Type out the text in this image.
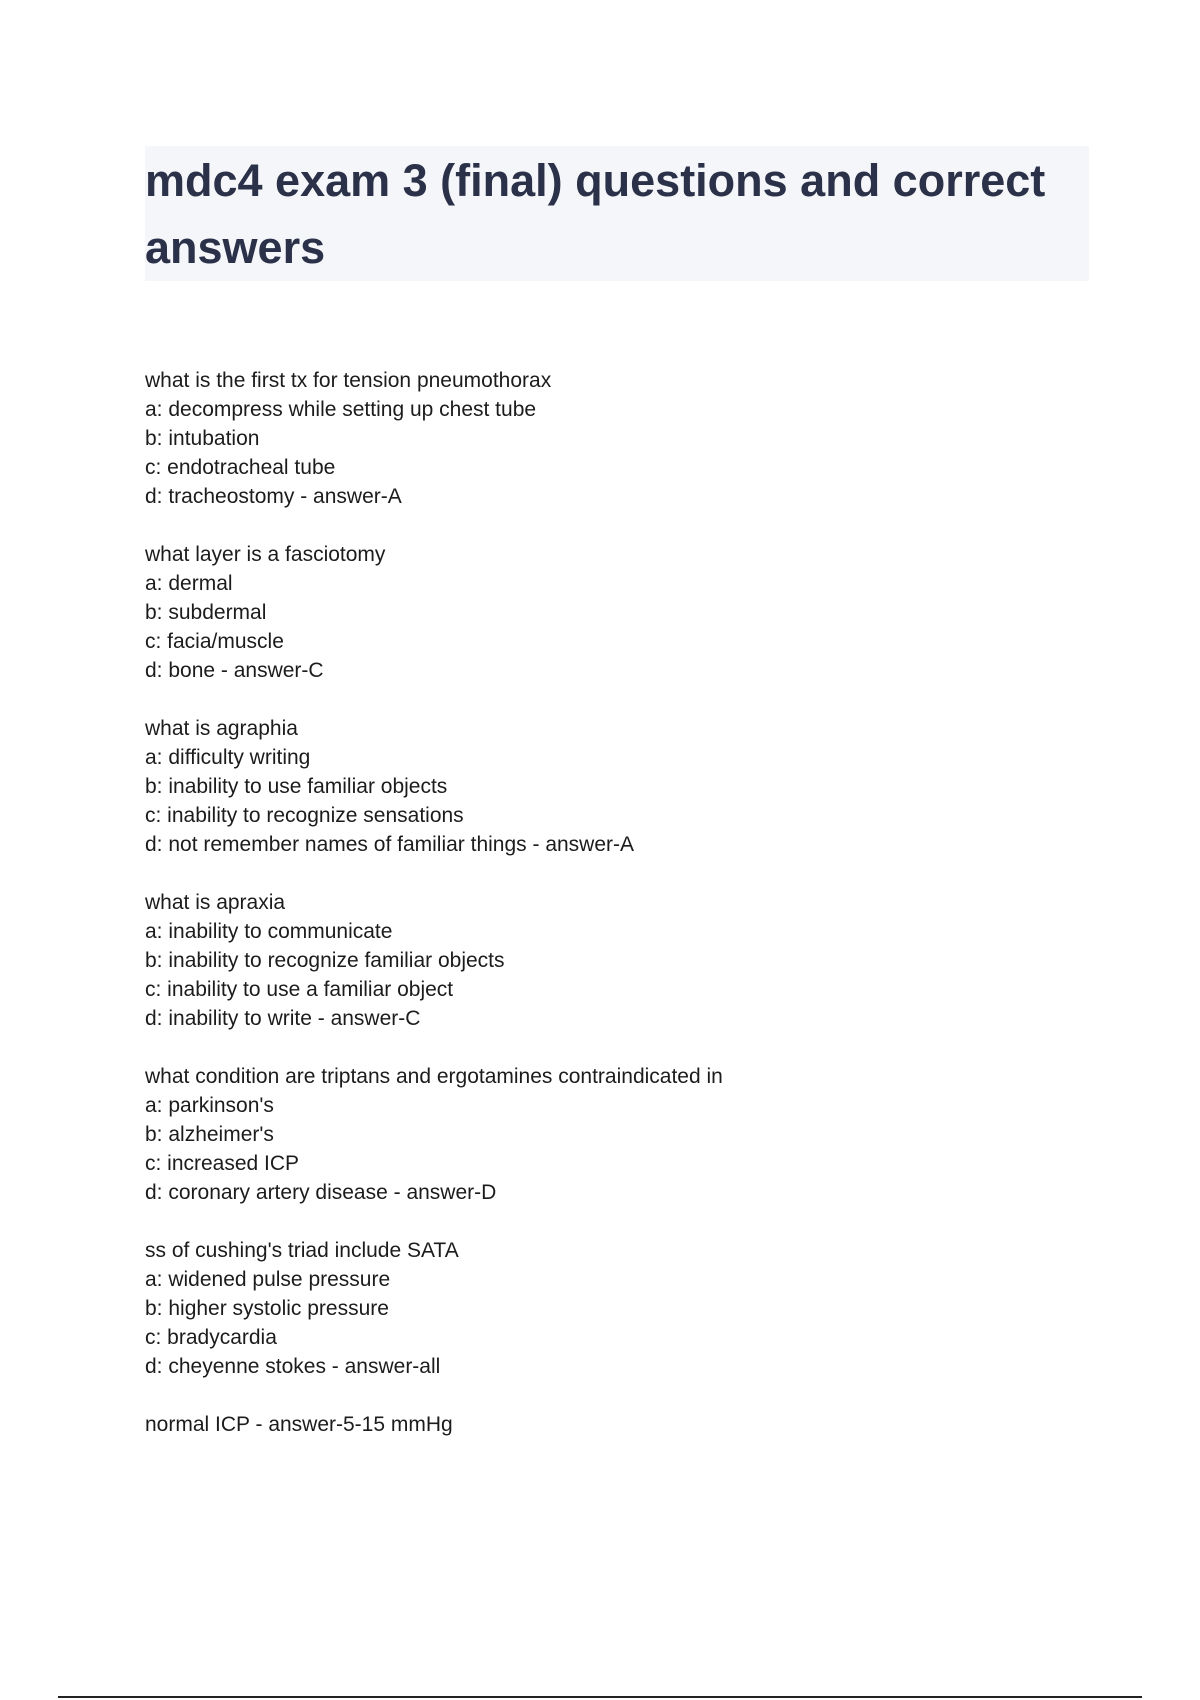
mdc4 exam 3 (final) questions and correct answers
what is the first tx for tension pneumothorax
a: decompress while setting up chest tube
b: intubation
c: endotracheal tube
d: tracheostomy - answer-A
what layer is a fasciotomy
a: dermal
b: subdermal
c: facia/muscle
d: bone - answer-C
what is agraphia
a: difficulty writing
b: inability to use familiar objects
c: inability to recognize sensations
d: not remember names of familiar things - answer-A
what is apraxia
a: inability to communicate
b: inability to recognize familiar objects
c: inability to use a familiar object
d: inability to write - answer-C
what condition are triptans and ergotamines contraindicated in
a: parkinson's
b: alzheimer's
c: increased ICP
d: coronary artery disease - answer-D
ss of cushing's triad include SATA
a: widened pulse pressure
b: higher systolic pressure
c: bradycardia
d: cheyenne stokes - answer-all
normal ICP - answer-5-15 mmHg
